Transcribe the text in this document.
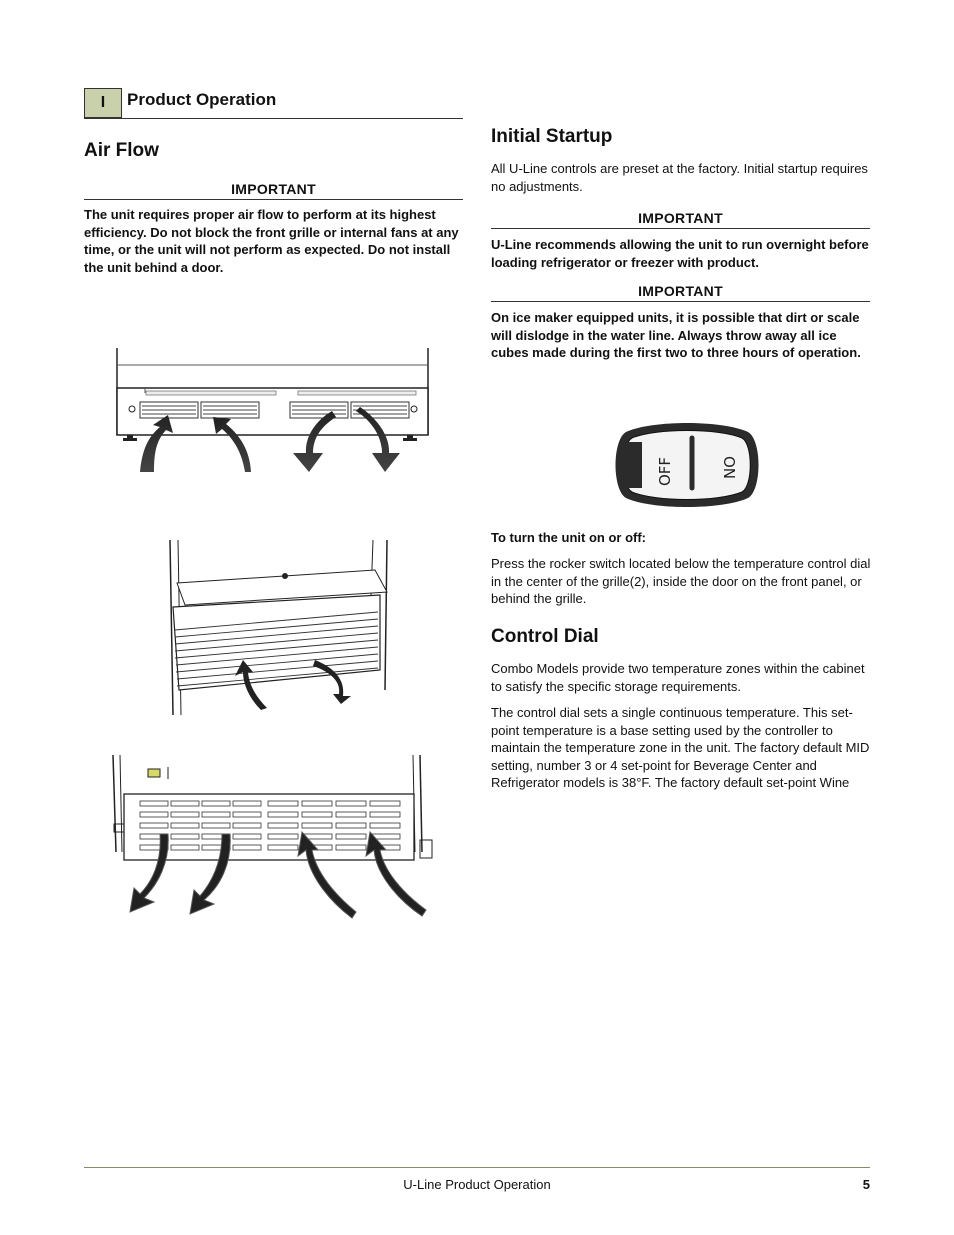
I	Product Operation
Air Flow
IMPORTANT

The unit requires proper air flow to perform at its highest efficiency. Do not block the front grille or internal fans at any time, or the unit will not perform as expected. Do not install the unit behind a door.

Initial Startup

All U-Line controls are preset at the factory. Initial startup requires no adjustments.

IMPORTANT

U-Line recommends allowing the unit to run overnight before loading refrigerator or freezer with product.

IMPORTANT

On ice maker equipped units, it is possible that dirt or scale will dislodge in the water line. Always throw away all ice cubes made during the first two to three hours of operation.

OFF	ON

To turn the unit on or off:

Press the rocker switch located below the temperature control dial in the center of the grille(2), inside the door on the front panel, or behind the grille.

Control Dial

Combo Models provide two temperature zones within the cabinet to satisfy the specific storage requirements.

The control dial sets a single continuous temperature. This set-point temperature is a base setting used by the controller to maintain the temperature zone in the unit. The factory default MID setting, number 3 or 4 set-point for Beverage Center and Refrigerator models is 38°F. The factory default set-point Wine

U-Line Product Operation	5
